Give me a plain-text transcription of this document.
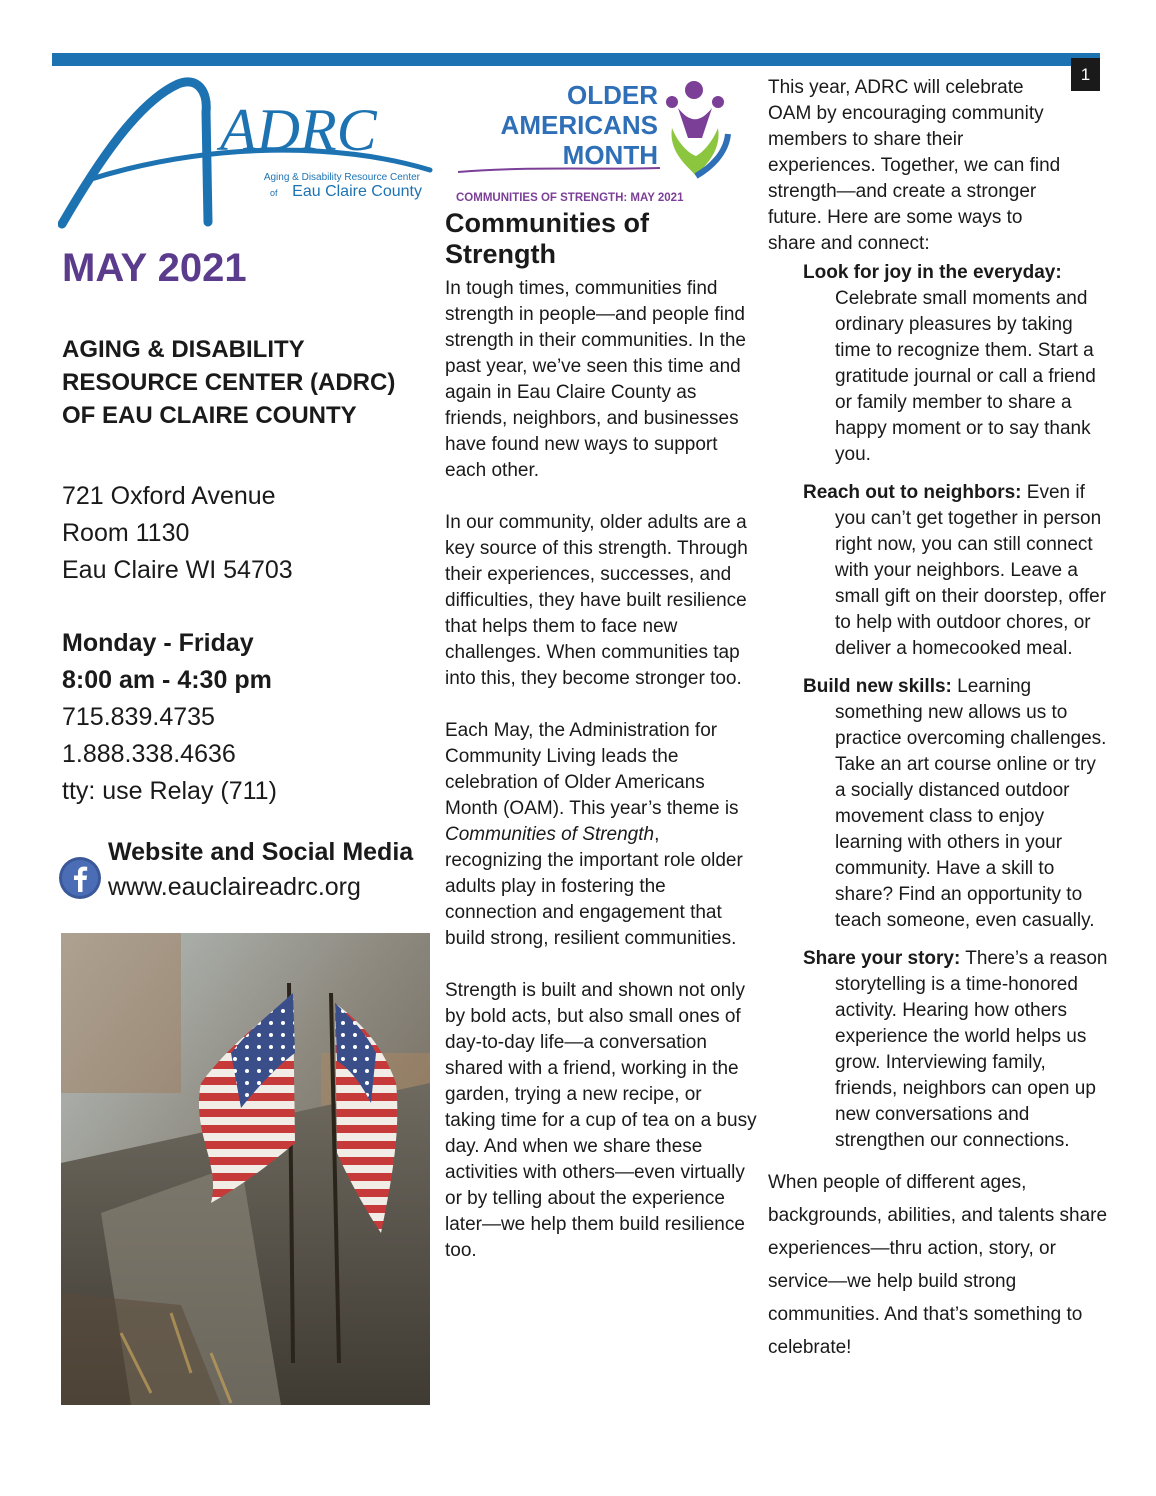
1
ADRC
Aging & Disability Resource Center
of Eau Claire County
MAY 2021
AGING & DISABILITY RESOURCE CENTER (ADRC) OF EAU CLAIRE COUNTY
721 Oxford Avenue
Room 1130
Eau Claire WI 54703
Monday - Friday
8:00 am - 4:30 pm
715.839.4735
1.888.338.4636
tty: use Relay (711)
Website and Social Media
www.eauclaireadrc.org
OLDER
AMERICANS
MONTH
COMMUNITIES OF STRENGTH: MAY 2021
Communities of Strength

In tough times, communities find strength in people—and people find strength in their communities. In the past year, we’ve seen this time and again in Eau Claire County as friends, neighbors, and businesses have found new ways to support each other.

In our community, older adults are a key source of this strength. Through their experiences, successes, and difficulties, they have built resilience that helps them to face new challenges. When communities tap into this, they become stronger too.

Each May, the Administration for Community Living leads the celebration of Older Americans Month (OAM). This year’s theme is Communities of Strength, recognizing the important role older adults play in fostering the connection and engagement that build strong, resilient communities.

Strength is built and shown not only by bold acts, but also small ones of day-to-day life—a conversation shared with a friend, working in the garden, trying a new recipe, or taking time for a cup of tea on a busy day. And when we share these activities with others—even virtually or by telling about the experience later—we help them build resilience too.

This year, ADRC will celebrate OAM by encouraging community members to share their experiences. Together, we can find strength—and create a stronger future. Here are some ways to share and connect:

Look for joy in the everyday: Celebrate small moments and ordinary pleasures by taking time to recognize them. Start a gratitude journal or call a friend or family member to share a happy moment or to say thank you.

Reach out to neighbors: Even if you can’t get together in person right now, you can still connect with your neighbors. Leave a small gift on their doorstep, offer to help with outdoor chores, or deliver a homecooked meal.

Build new skills: Learning something new allows us to practice overcoming challenges. Take an art course online or try a socially distanced outdoor movement class to enjoy learning with others in your community. Have a skill to share? Find an opportunity to teach someone, even casually.

Share your story: There’s a reason storytelling is a time-honored activity. Hearing how others experience the world helps us grow. Interviewing family, friends, neighbors can open up new conversations and strengthen our connections.

When people of different ages, backgrounds, abilities, and talents share experiences—thru action, story, or service—we help build strong communities. And that’s something to celebrate!
